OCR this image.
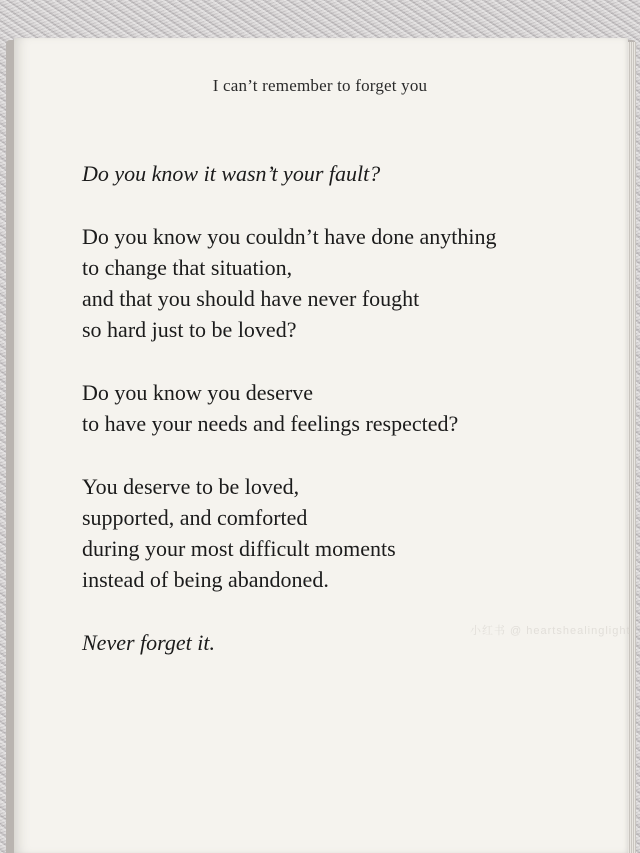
I can’t remember to forget you
Do you know it wasn’t your fault?
Do you know you couldn’t have done anything
to change that situation,
and that you should have never fought
so hard just to be loved?
Do you know you deserve
to have your needs and feelings respected?
You deserve to be loved,
supported, and comforted
during your most difficult moments
instead of being abandoned.
Never forget it.	小红书 @ heartshealinglight
